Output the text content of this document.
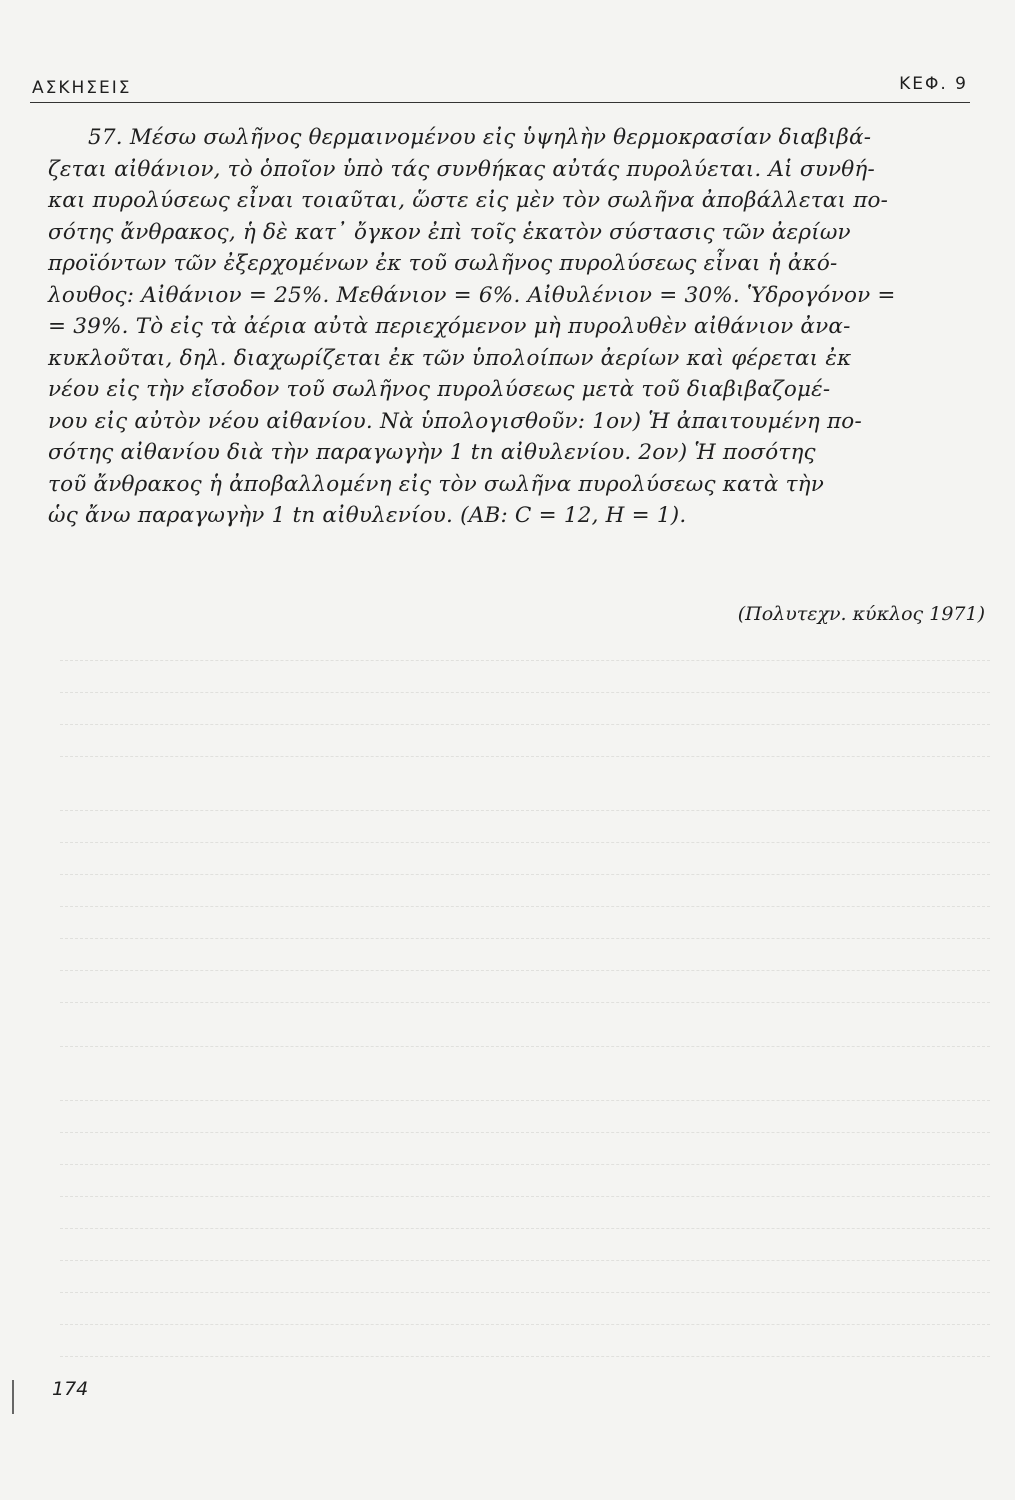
ΑΣΚΗΣΕΙΣ	ΚΕΦ. 9
57. Μέσω σωλῆνος θερμαινομένου εἰς ὑψηλὴν θερμοκρασίαν διαβιβά-
ζεται αἰθάνιον, τὸ ὁποῖον ὑπὸ τάς συνθήκας αὐτάς πυρολύεται. Αἱ συνθή-
και πυρολύσεως εἶναι τοιαῦται, ὥστε εἰς μὲν τὸν σωλῆνα ἀποβάλλεται πο-
σότης ἄνθρακος, ἡ δὲ κατ᾽ ὄγκον ἐπὶ τοῖς ἑκατὸν σύστασις τῶν ἀερίων
προϊόντων τῶν ἐξερχομένων ἐκ τοῦ σωλῆνος πυρολύσεως εἶναι ἡ ἀκό-
λουθος: Αἰθάνιον = 25%. Μεθάνιον = 6%. Αἰθυλένιον = 30%. Ὑδρογόνον =
= 39%. Τὸ εἰς τὰ ἀέρια αὐτὰ περιεχόμενον μὴ πυρολυθὲν αἰθάνιον ἀνα-
κυκλοῦται, δηλ. διαχωρίζεται ἐκ τῶν ὑπολοίπων ἀερίων καὶ φέρεται ἐκ
νέου εἰς τὴν εἴσοδον τοῦ σωλῆνος πυρολύσεως μετὰ τοῦ διαβιβαζομέ-
νου εἰς αὐτὸν νέου αἰθανίου. Νὰ ὑπολογισθοῦν: 1ον) Ἡ ἀπαιτουμένη πο-
σότης αἰθανίου διὰ τὴν παραγωγὴν 1 tn αἰθυλενίου. 2ον) Ἡ ποσότης
τοῦ ἄνθρακος ἡ ἀποβαλλομένη εἰς τὸν σωλῆνα πυρολύσεως κατὰ τὴν
ὡς ἄνω παραγωγὴν 1 tn αἰθυλενίου. (ΑΒ: C = 12, H = 1).
(Πολυτεχν. κύκλος 1971)
174
